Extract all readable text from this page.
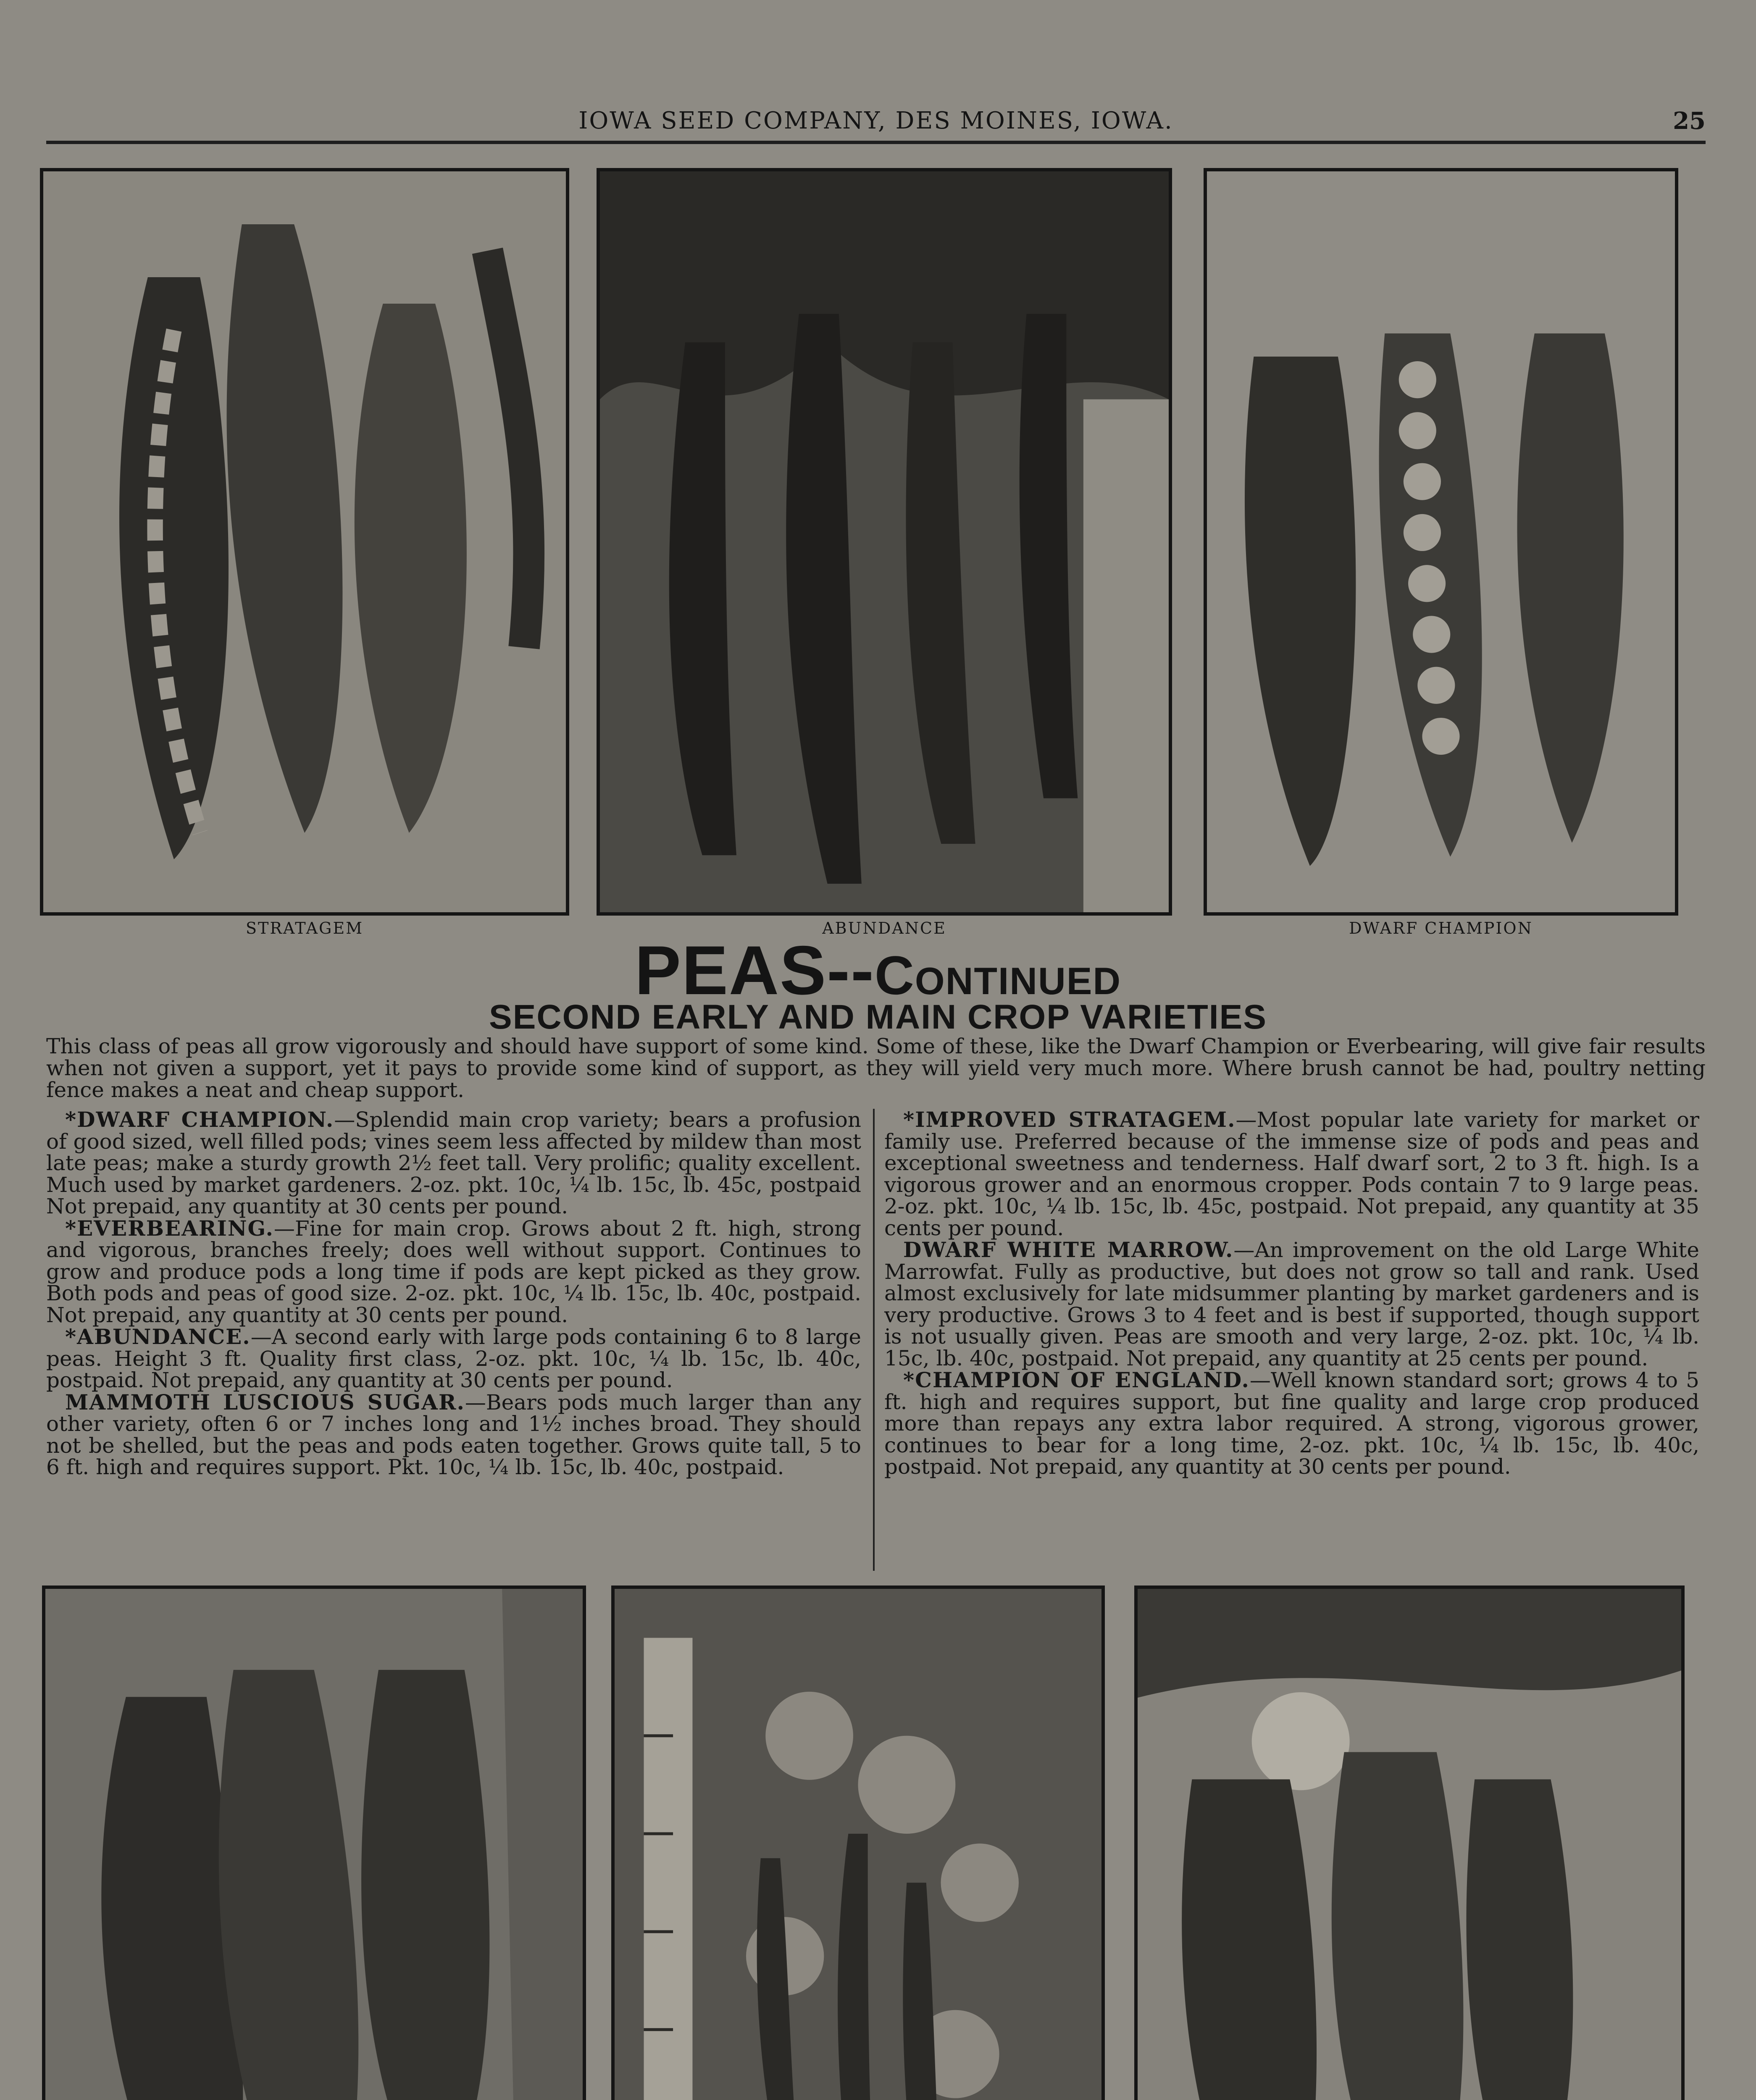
IOWA SEED COMPANY, DES MOINES, IOWA.	25
STRATAGEM	ABUNDANCE	DWARF CHAMPION
PEAS--Continued
SECOND EARLY AND MAIN CROP VARIETIES
This class of peas all grow vigorously and should have support of some kind. Some of these, like the Dwarf Champion or Everbearing, will give fair results when not given a support, yet it pays to provide some kind of support, as they will yield very much more. Where brush cannot be had, poultry netting fence makes a neat and cheap support.

*DWARF CHAMPION.—Splendid main crop variety; bears a profusion of good sized, well filled pods; vines seem less affected by mildew than most late peas; make a sturdy growth 2½ feet tall. Very prolific; quality excellent. Much used by market gardeners. 2-oz. pkt. 10c, ¼ lb. 15c, lb. 45c, postpaid Not prepaid, any quantity at 30 cents per pound.

*EVERBEARING.—Fine for main crop. Grows about 2 ft. high, strong and vigorous, branches freely; does well without support. Continues to grow and produce pods a long time if pods are kept picked as they grow. Both pods and peas of good size. 2-oz. pkt. 10c, ¼ lb. 15c, lb. 40c, postpaid. Not prepaid, any quantity at 30 cents per pound.

*ABUNDANCE.—A second early with large pods containing 6 to 8 large peas. Height 3 ft. Quality first class, 2-oz. pkt. 10c, ¼ lb. 15c, lb. 40c, postpaid. Not prepaid, any quantity at 30 cents per pound.

MAMMOTH LUSCIOUS SUGAR.—Bears pods much larger than any other variety, often 6 or 7 inches long and 1½ inches broad. They should not be shelled, but the peas and pods eaten together. Grows quite tall, 5 to 6 ft. high and requires support. Pkt. 10c, ¼ lb. 15c, lb. 40c, postpaid.

*IMPROVED STRATAGEM.—Most popular late variety for market or family use. Preferred because of the immense size of pods and peas and exceptional sweetness and tenderness. Half dwarf sort, 2 to 3 ft. high. Is a vigorous grower and an enormous cropper. Pods contain 7 to 9 large peas. 2-oz. pkt. 10c, ¼ lb. 15c, lb. 45c, postpaid. Not prepaid, any quantity at 35 cents per pound.

DWARF WHITE MARROW.—An improvement on the old Large White Marrowfat. Fully as productive, but does not grow so tall and rank. Used almost exclusively for late midsummer planting by market gardeners and is very productive. Grows 3 to 4 feet and is best if supported, though support is not usually given. Peas are smooth and very large, 2-oz. pkt. 10c, ¼ lb. 15c, lb. 40c, postpaid. Not prepaid, any quantity at 25 cents per pound.

*CHAMPION OF ENGLAND.—Well known standard sort; grows 4 to 5 ft. high and requires support, but fine quality and large crop produced more than repays any extra labor required. A strong, vigorous grower, continues to bear for a long time, 2-oz. pkt. 10c, ¼ lb. 15c, lb. 40c, postpaid. Not prepaid, any quantity at 30 cents per pound.
